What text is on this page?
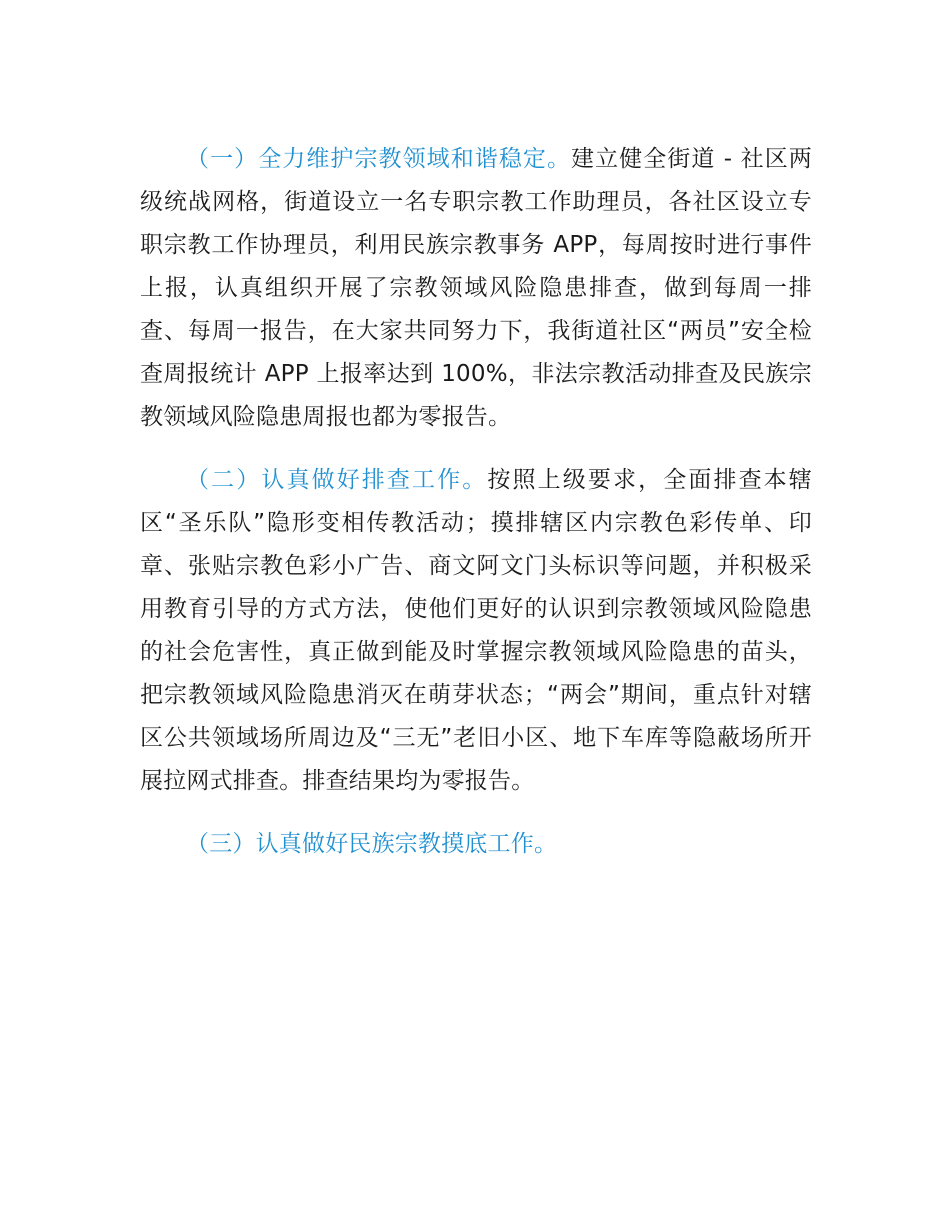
（一）全力维护宗教领域和谐稳定。建立健全街道 - 社区两级统战网格，街道设立一名专职宗教工作助理员，各社区设立专职宗教工作协理员，利用民族宗教事务 APP，每周按时进行事件上报，认真组织开展了宗教领域风险隐患排查，做到每周一排查、每周一报告，在大家共同努力下，我街道社区“两员”安全检查周报统计 APP 上报率达到 100%，非法宗教活动排查及民族宗教领域风险隐患周报也都为零报告。

（二）认真做好排查工作。按照上级要求，全面排查本辖区“圣乐队”隐形变相传教活动；摸排辖区内宗教色彩传单、印章、张贴宗教色彩小广告、商文阿文门头标识等问题，并积极采用教育引导的方式方法，使他们更好的认识到宗教领域风险隐患的社会危害性，真正做到能及时掌握宗教领域风险隐患的苗头，把宗教领域风险隐患消灭在萌芽状态；“两会”期间，重点针对辖区公共领域场所周边及“三无”老旧小区、地下车库等隐蔽场所开展拉网式排查。排查结果均为零报告。

（三）认真做好民族宗教摸底工作。
